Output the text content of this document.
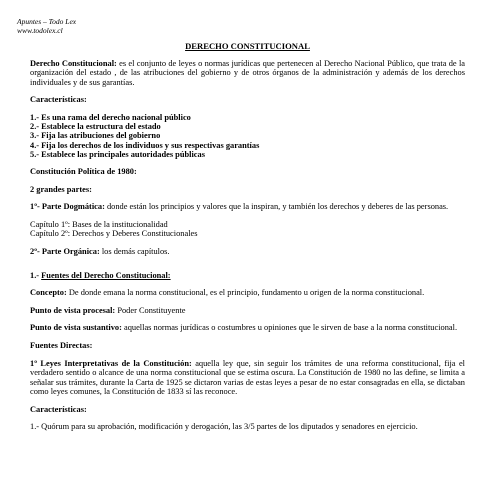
Apuntes – Todo Lex
www.todolex.cl
DERECHO CONSTITUCIONAL

Derecho Constitucional: es el conjunto de leyes o normas jurídicas que pertenecen al Derecho Nacional Público, que trata de la organización del estado , de las atribuciones del gobierno y de otros órganos de la administración y además de los derechos individuales y de sus garantías.

Características:
1.- Es una rama del derecho nacional público
2.- Establece la estructura del estado
3.- Fija las atribuciones del gobierno
4.- Fija los derechos de los individuos y sus respectivas garantías
5.- Establece las principales autoridades públicas
Constitución Política de 1980:
2 grandes partes:

1º- Parte Dogmática: donde están los principios y valores que la inspiran, y también los derechos y deberes de las personas.

Capítulo 1º: Bases de la institucionalidad

Capítulo 2º: Derechos y Deberes Constitucionales

2º- Parte Orgánica: los demás capítulos.

1.- Fuentes del Derecho Constitucional:

Concepto: De donde emana la norma constitucional, es el principio, fundamento u origen de la norma constitucional.

Punto de vista procesal: Poder Constituyente

Punto de vista sustantivo: aquellas normas jurídicas o costumbres u opiniones que le sirven de base a la norma constitucional.

Fuentes Directas:

1º Leyes Interpretativas de la Constitución: aquella ley que, sin seguir los trámites de una reforma constitucional, fija el verdadero sentido o alcance de una norma constitucional que se estima oscura. La Constitución de 1980 no las define, se limita a señalar sus trámites, durante la Carta de 1925 se dictaron varias de estas leyes a pesar de no estar consagradas en ella, se dictaban como leyes comunes, la Constitución de 1833 sí las reconoce.

Características:

1.- Quórum para su aprobación, modificación y derogación, las 3/5 partes de los diputados y senadores en ejercicio.
